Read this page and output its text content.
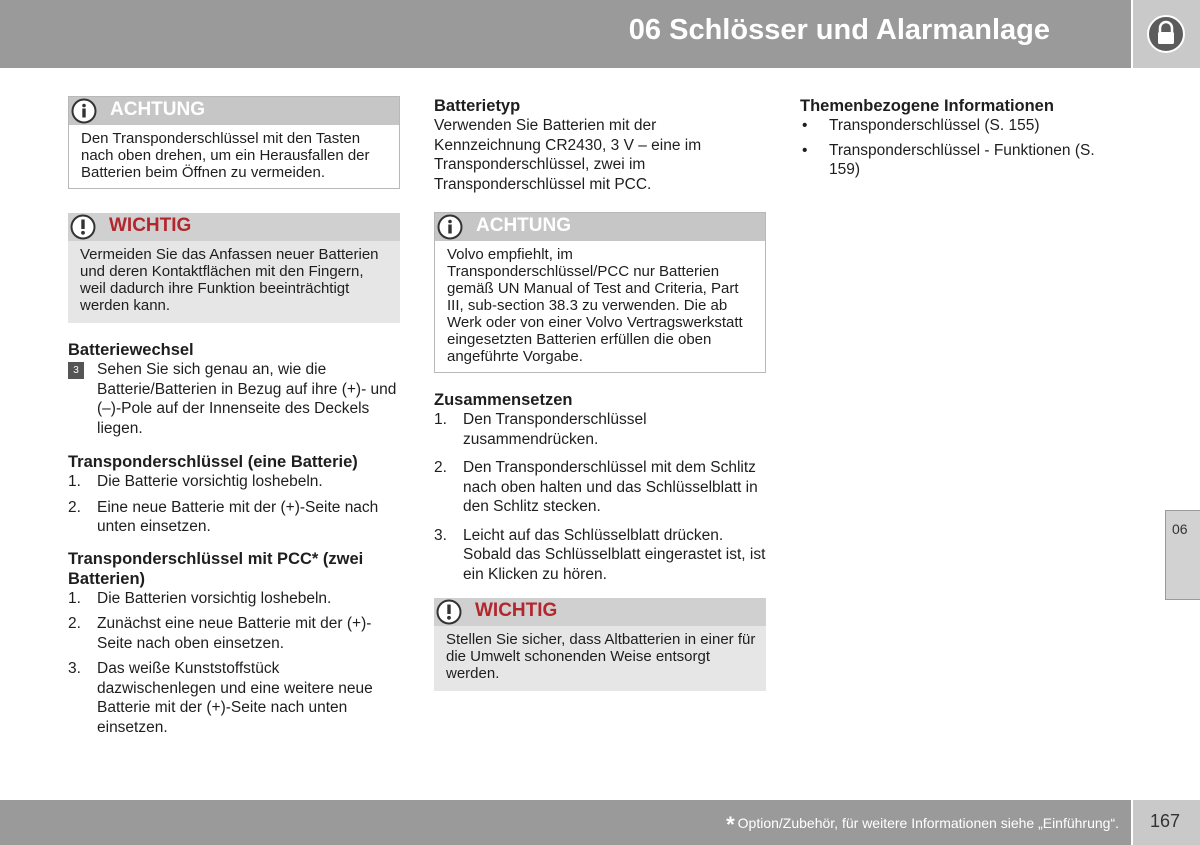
06 Schlösser und Alarmanlage
06
ACHTUNG
Den Transponderschlüssel mit den Tasten nach oben drehen, um ein Herausfallen der Batterien beim Öffnen zu vermeiden.
WICHTIG
Vermeiden Sie das Anfassen neuer Batterien und deren Kontaktflächen mit den Fingern, weil dadurch ihre Funktion beeinträchtigt werden kann.
Batteriewechsel
3	Sehen Sie sich genau an, wie die Batterie/Batterien in Bezug auf ihre (+)- und (–)-Pole auf der Innenseite des Deckels liegen.
Transponderschlüssel (eine Batterie)
1. Die Batterie vorsichtig loshebeln.
2. Eine neue Batterie mit der (+)-Seite nach unten einsetzen.
Transponderschlüssel mit PCC* (zwei Batterien)
1. Die Batterien vorsichtig loshebeln.
2. Zunächst eine neue Batterie mit der (+)-Seite nach oben einsetzen.
3. Das weiße Kunststoffstück dazwischenlegen und eine weitere neue Batterie mit der (+)-Seite nach unten einsetzen.
Batterietyp

Verwenden Sie Batterien mit der Kennzeichnung CR2430, 3 V – eine im Transponderschlüssel, zwei im Transponderschlüssel mit PCC.

ACHTUNG
Volvo empfiehlt, im Transponderschlüssel/PCC nur Batterien gemäß UN Manual of Test and Criteria, Part III, sub-section 38.3 zu verwenden. Die ab Werk oder von einer Volvo Vertragswerkstatt eingesetzten Batterien erfüllen die oben angeführte Vorgabe.
Zusammensetzen
1. Den Transponderschlüssel zusammendrücken.
2. Den Transponderschlüssel mit dem Schlitz nach oben halten und das Schlüsselblatt in den Schlitz stecken.
3. Leicht auf das Schlüsselblatt drücken. Sobald das Schlüsselblatt eingerastet ist, ist ein Klicken zu hören.
WICHTIG
Stellen Sie sicher, dass Altbatterien in einer für die Umwelt schonenden Weise entsorgt werden.
Themenbezogene Informationen
• Transponderschlüssel (S. 155)
• Transponderschlüssel - Funktionen (S. 159)
* Option/Zubehör, für weitere Informationen siehe „Einführung“. 167
